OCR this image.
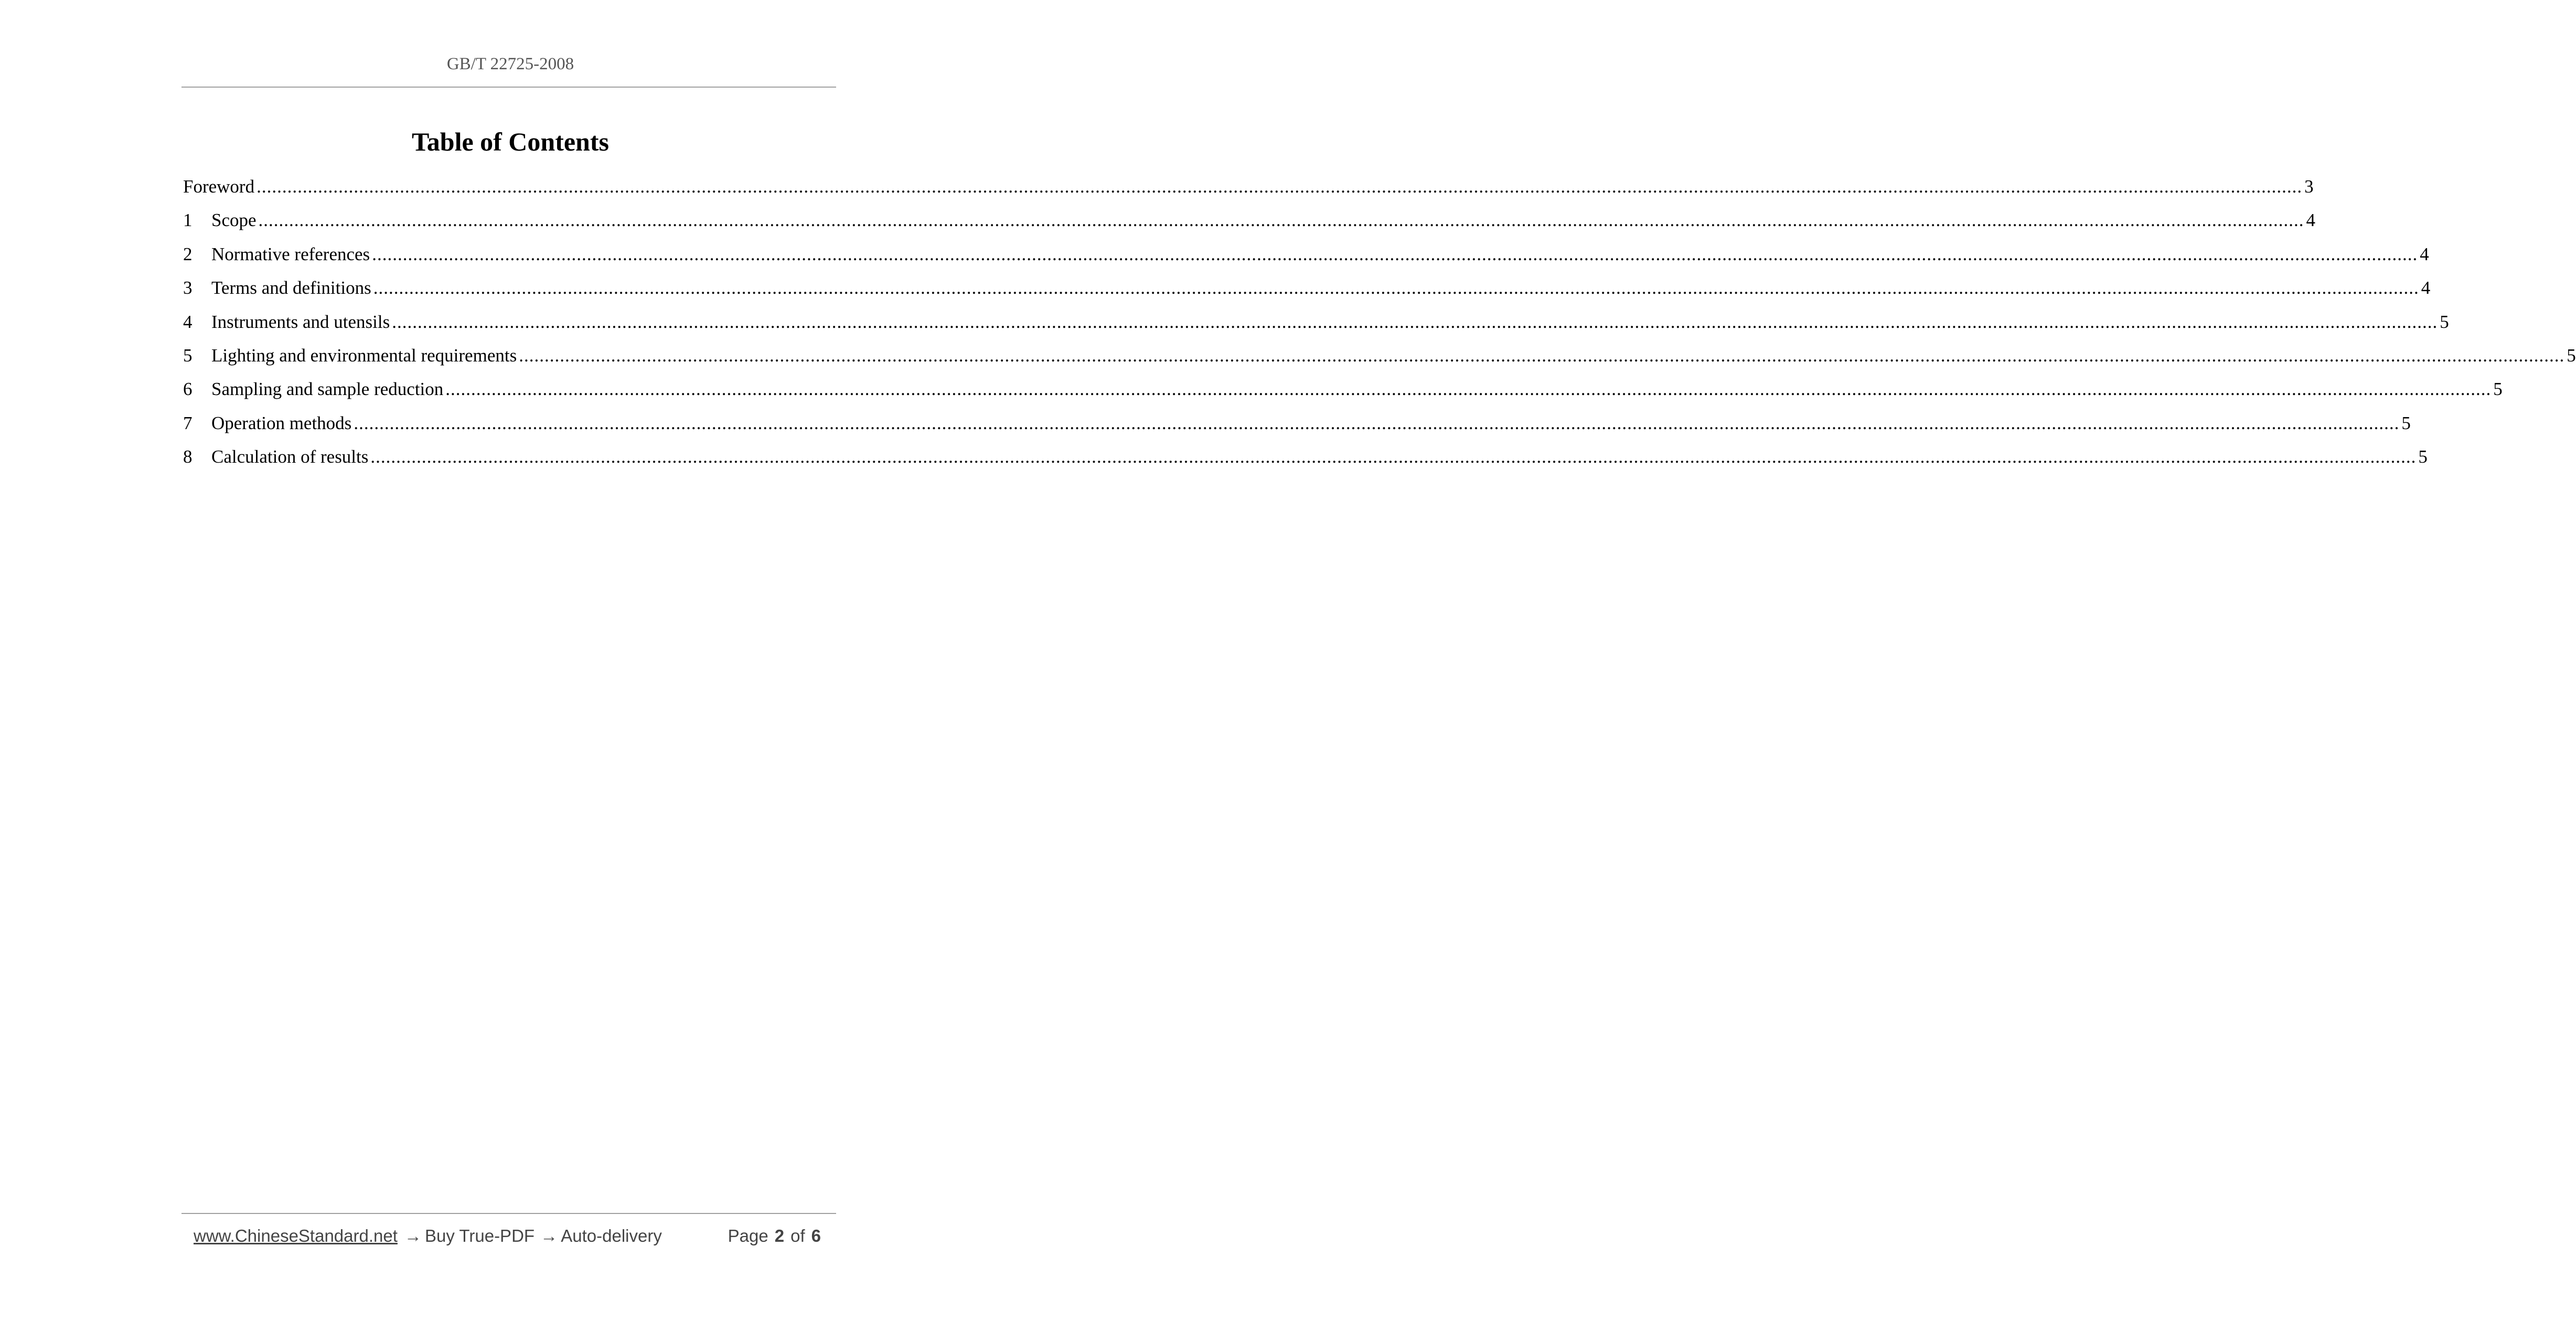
GB/T 22725-2008
Table of Contents
Foreword ................................................................................................................................................................................................................................................................................................................................................................................................................ 3
1	Scope ................................................................................................................................................................................................................................................................................................................................................................................................................ 4
2	Normative references ................................................................................................................................................................................................................................................................................................................................................................................................................ 4
3	Terms and definitions ................................................................................................................................................................................................................................................................................................................................................................................................................ 4
4	Instruments and utensils ................................................................................................................................................................................................................................................................................................................................................................................................................ 5
5	Lighting and environmental requirements ................................................................................................................................................................................................................................................................................................................................................................................................................ 5
6	Sampling and sample reduction ................................................................................................................................................................................................................................................................................................................................................................................................................ 5
7	Operation methods ................................................................................................................................................................................................................................................................................................................................................................................................................ 5
8	Calculation of results ................................................................................................................................................................................................................................................................................................................................................................................................................ 5
www.ChineseStandard.net → Buy True-PDF → Auto-delivery	Page 2 of 6
